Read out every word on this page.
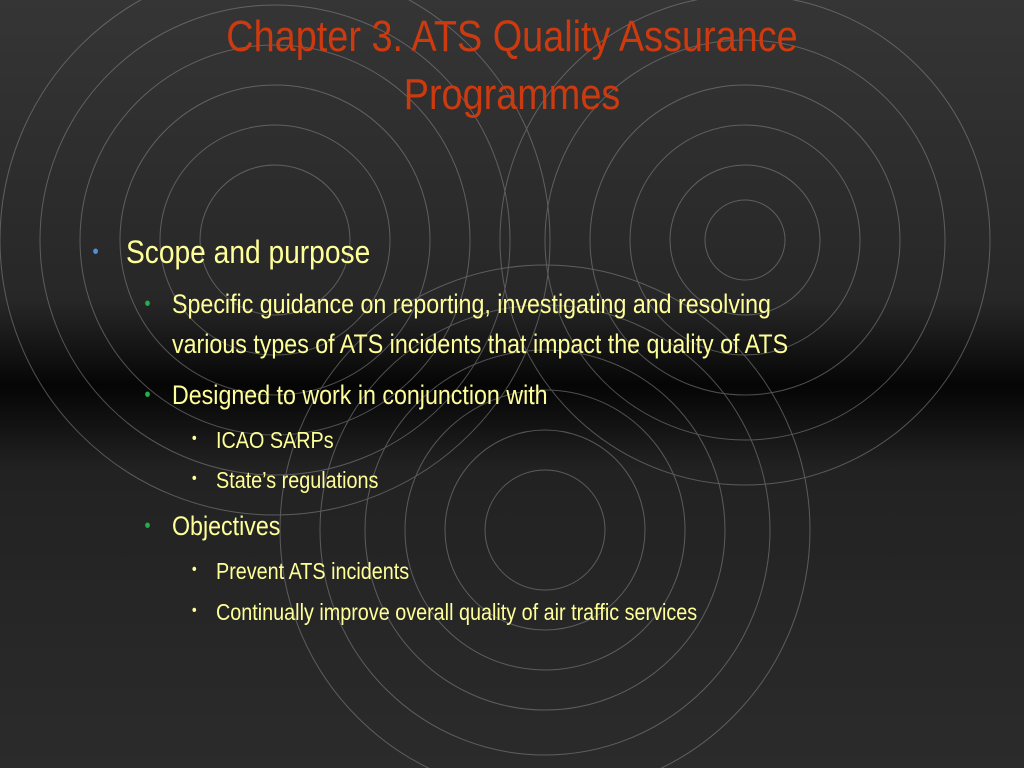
Chapter 3. ATS Quality Assurance
Programmes

• Scope and purpose

• Specific guidance on reporting, investigating and resolving
various types of ATS incidents that impact the quality of ATS

• Designed to work in conjunction with

• ICAO SARPs

• State’s regulations

• Objectives

• Prevent ATS incidents

• Continually improve overall quality of air traffic services
